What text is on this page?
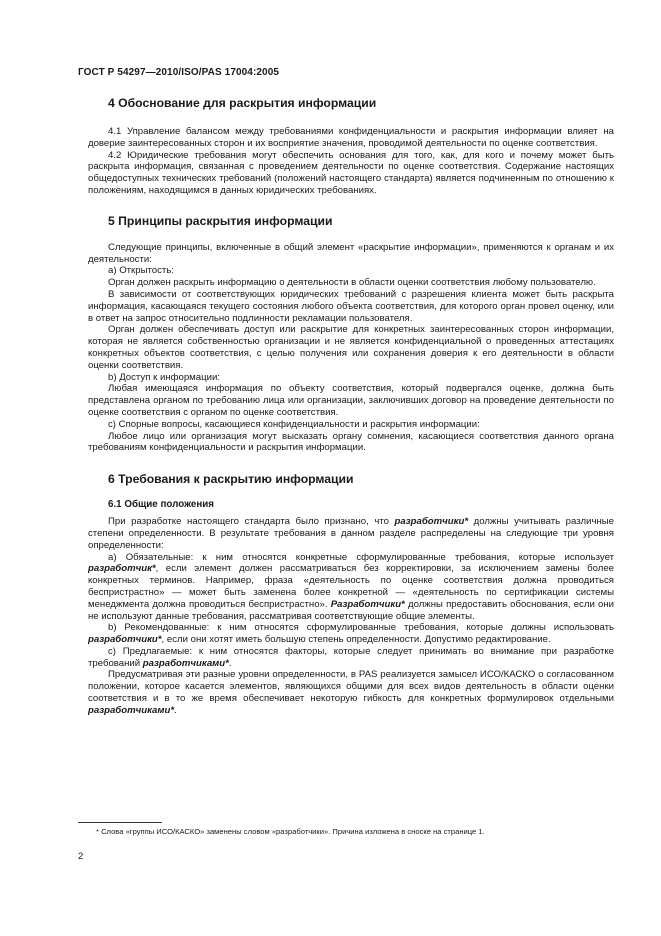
ГОСТ Р 54297—2010/ISO/PAS 17004:2005
4 Обоснование для раскрытия информации

4.1 Управление балансом между требованиями конфиденциальности и раскрытия информации влияет на доверие заинтересованных сторон и их восприятие значения, проводимой деятельности по оценке соответствия.

4.2 Юридические требования могут обеспечить основания для того, как, для кого и почему может быть раскрыта информация, связанная с проведением деятельности по оценке соответствия. Содержание настоящих общедоступных технических требований (положений настоящего стандарта) является подчиненным по отношению к положениям, находящимся в данных юридических требованиях.

5 Принципы раскрытия информации

Следующие принципы, включенные в общий элемент «раскрытие информации», применяются к органам и их деятельности:

a) Открытость:

Орган должен раскрыть информацию о деятельности в области оценки соответствия любому пользователю.

В зависимости от соответствующих юридических требований с разрешения клиента может быть раскрыта информация, касающаяся текущего состояния любого объекта соответствия, для которого орган провел оценку, или в ответ на запрос относительно подлинности рекламации пользователя.

Орган должен обеспечивать доступ или раскрытие для конкретных заинтересованных сторон информации, которая не является собственностью организации и не является конфиденциальной о проведенных аттестациях конкретных объектов соответствия, с целью получения или сохранения доверия к его деятельности в области оценки соответствия.

b) Доступ к информации:

Любая имеющаяся информация по объекту соответствия, который подвергался оценке, должна быть представлена органом по требованию лица или организации, заключивших договор на проведение деятельности по оценке соответствия с органом по оценке соответствия.

c) Спорные вопросы, касающиеся конфиденциальности и раскрытия информации:

Любое лицо или организация могут высказать органу сомнения, касающиеся соответствия данного органа требованиям конфиденциальности и раскрытия информации.

6 Требования к раскрытию информации
6.1 Общие положения

При разработке настоящего стандарта было признано, что разработчики* должны учитывать различные степени определенности. В результате требования в данном разделе распределены на следующие три уровня определенности:

а) Обязательные: к ним относятся конкретные сформулированные требования, которые использует разработчик*, если элемент должен рассматриваться без корректировки, за исключением замены более конкретных терминов. Например, фраза «деятельность по оценке соответствия должна проводиться беспристрастно» — может быть заменена более конкретной — «деятельность по сертификации системы менеджмента должна проводиться беспристрастно». Разработчики* должны предоставить обоснования, если они не используют данные требования, рассматривая соответствующие общие элементы.

b) Рекомендованные: к ним относятся сформулированные требования, которые должны использовать разработчики*, если они хотят иметь большую степень определенности. Допустимо редактирование.

c) Предлагаемые: к ним относятся факторы, которые следует принимать во внимание при разработке требований разработчиками*.

Предусматривая эти разные уровни определенности, в PAS реализуется замысел ИСО/КАСКО о согласованном положении, которое касается элементов, являющихся общими для всех видов деятельность в области оценки соответствия и в то же время обеспечивает некоторую гибкость для конкретных формулировок отдельными разработчиками*.

* Слова «группы ИСО/КАСКО» заменены словом «разработчики». Причина изложена в сноске на странице 1.
2
